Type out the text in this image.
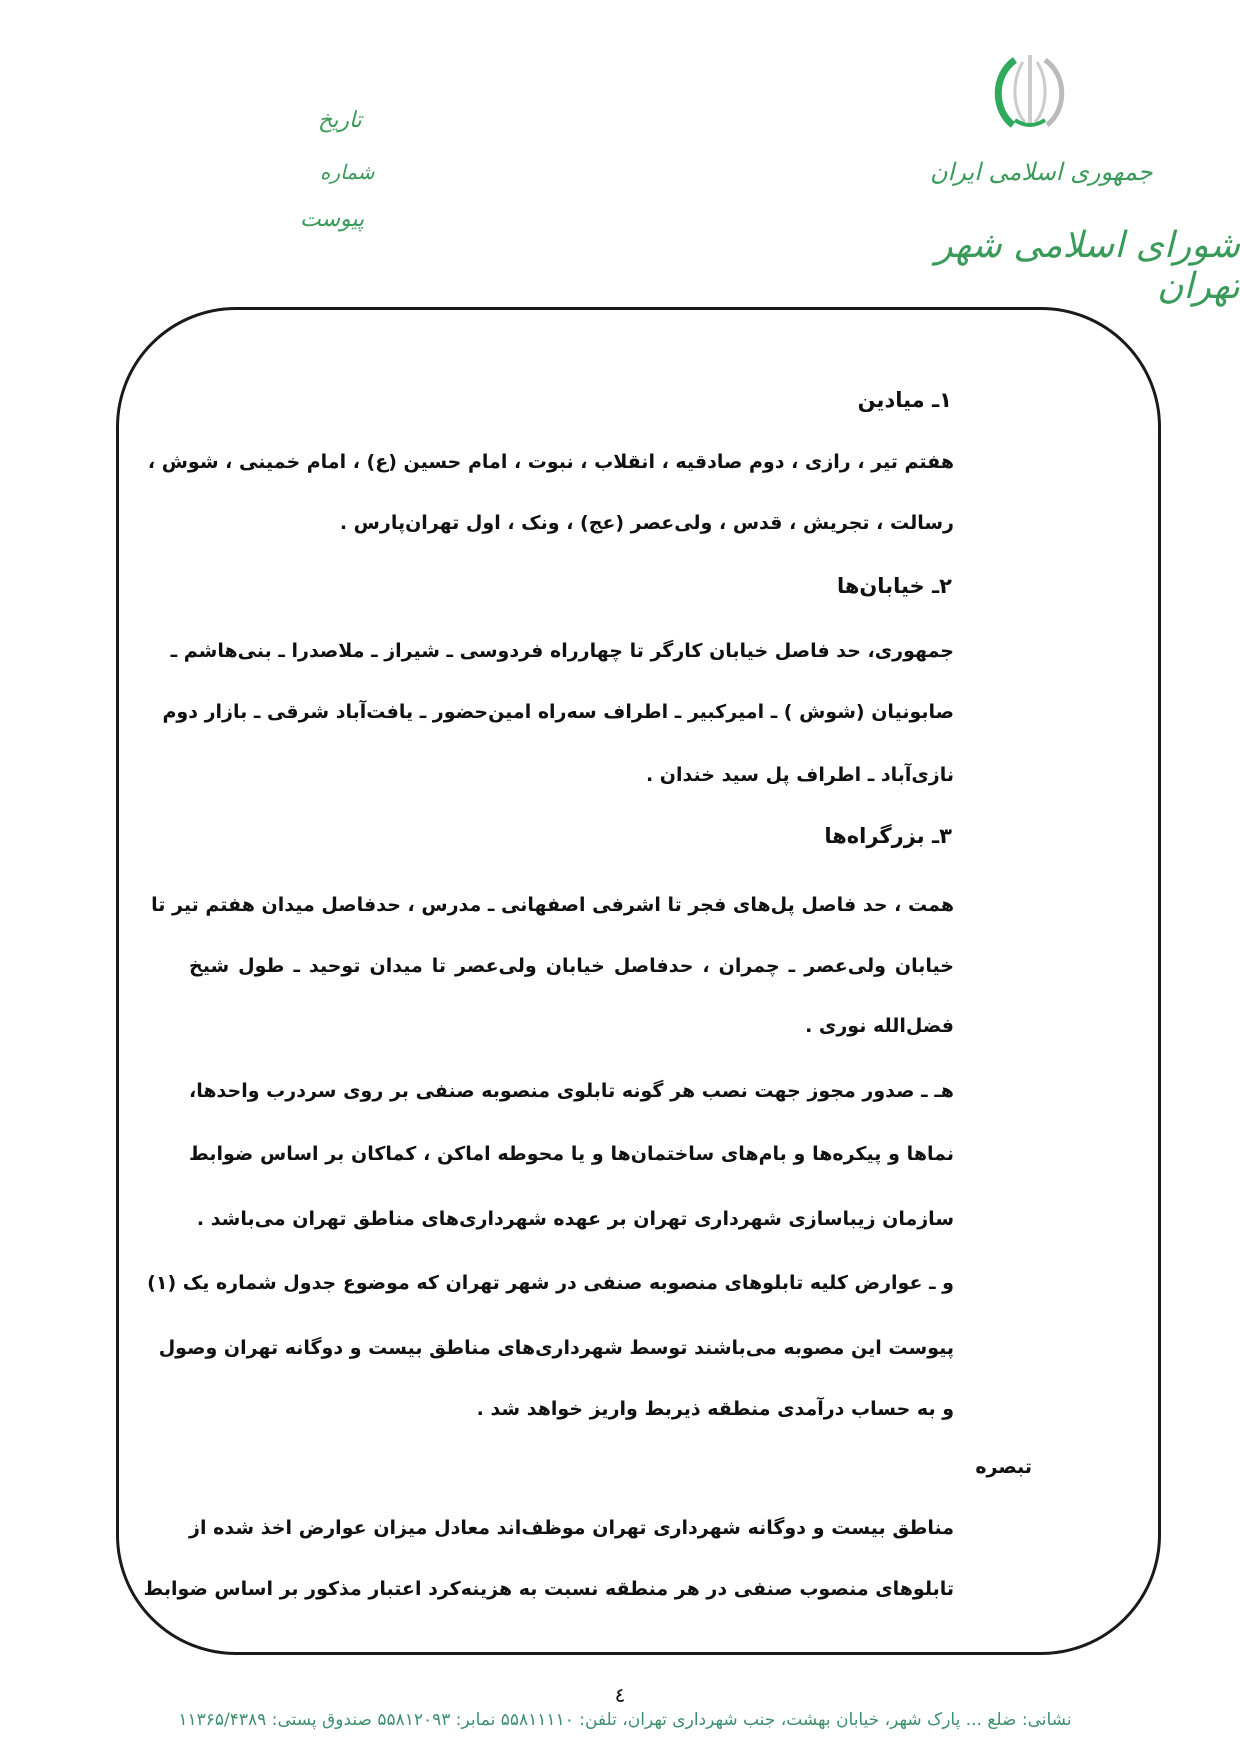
جمهوری اسلامی ایران
شورای اسلامی شهر تهران
تاریخ
شماره
پیوست
۱ـ میادین
هفتم تیر ، رازی ، دوم صادقیه ، انقلاب ، نبوت ، امام حسین (ع) ، امام خمینی ، شوش ،
رسالت ، تجریش ، قدس ، ولی‌عصر (عج) ، ونک ، اول تهران‌پارس .
۲ـ خیابان‌ها
جمهوری، حد فاصل خیابان کارگر تا چهارراه فردوسی ـ شیراز ـ ملاصدرا ـ بنی‌هاشم ـ
صابونیان (شوش ) ـ امیرکبیر ـ اطراف سه‌راه امین‌حضور ـ یافت‌آباد شرقی ـ بازار دوم
نازی‌آباد ـ اطراف پل سید خندان .
۳ـ بزرگراه‌ها
همت ، حد فاصل پل‌های فجر تا اشرفی اصفهانی ـ مدرس ، حدفاصل میدان هفتم تیر تا
خیابان ولی‌عصر ـ چمران ، حدفاصل خیابان ولی‌عصر تا میدان توحید ـ طول شیخ
فضل‌الله نوری .
هـ ـ صدور مجوز جهت نصب هر گونه تابلوی منصوبه صنفی بر روی سردرب واحدها،
نماها و پیکره‌ها و بام‌های ساختمان‌ها و یا محوطه اماکن ، کماکان بر اساس ضوابط
سازمان زیباسازی شهرداری تهران بر عهده شهرداری‌های مناطق تهران می‌باشد .
و ـ عوارض کلیه تابلوهای منصوبه صنفی در شهر تهران که موضوع جدول شماره یک (۱)
پیوست این مصوبه می‌باشند توسط شهرداری‌های مناطق بیست و دوگانه تهران وصول
و به حساب درآمدی منطقه ذیربط واریز خواهد شد .
تبصره
مناطق بیست و دوگانه شهرداری تهران موظف‌اند معادل میزان عوارض اخذ شده از
تابلوهای منصوب صنفی در هر منطقه نسبت به هزینه‌کرد اعتبار مذکور بر اساس ضوابط
٤
نشانی: ضلع ... پارک شهر، خیابان بهشت، جنب شهرداری تهران، تلفن: ۵۵۸۱۱۱۱۰ نمابر: ۵۵۸۱۲۰۹۳ صندوق پستی: ۱۱۳۶۵/۴۳۸۹
